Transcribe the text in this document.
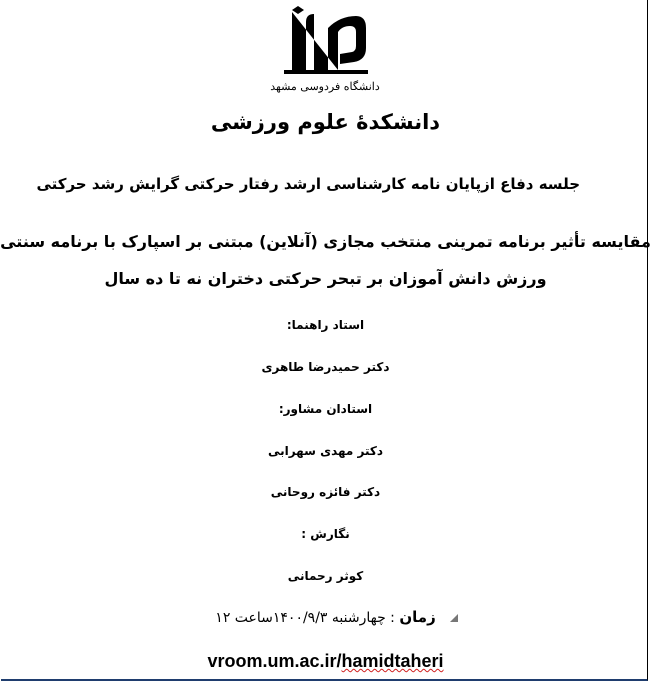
دانشگاه فردوسی مشهد
دانشکدهٔ علوم ورزشی
جلسه دفاع ازپایان نامه کارشناسی ارشد رفتار حرکتی گرایش رشد حرکتی
مقایسه تأثیر برنامه تمرینی منتخب مجازی (آنلاین) مبتنی بر اسپارک با برنامه سنتی
ورزش دانش آموزان بر تبحر حرکتی دختران نه تا ده سال
استاد راهنما:
دکتر حمیدرضا طاهری
استادان مشاور:
دکتر مهدی سهرابی
دکتر فائزه روحانی
نگارش :
کوثر رحمانی
زمان : چهارشنبه ۱۴۰۰/۹/۳ساعت ۱۲
vroom.um.ac.ir/hamidtaheri
